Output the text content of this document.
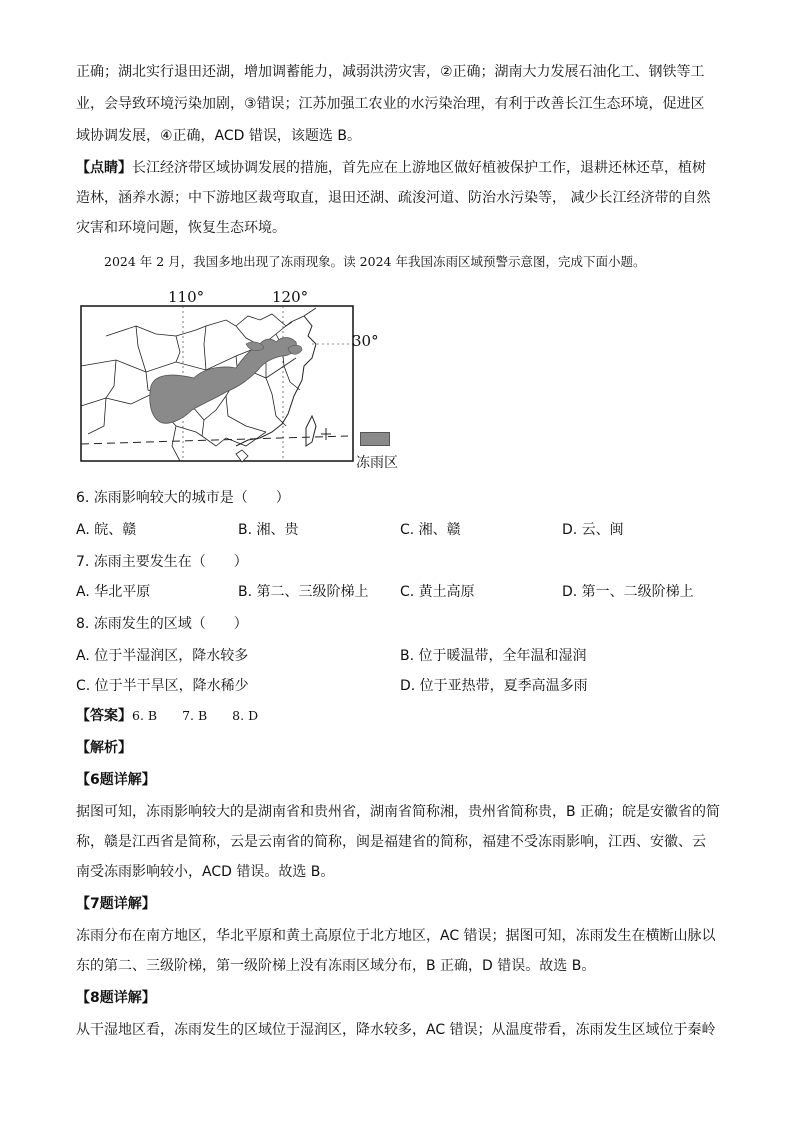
正确；湖北实行退田还湖，增加调蓄能力，减弱洪涝灾害，②正确；湖南大力发展石油化工、钢铁等工
业，会导致环境污染加剧，③错误；江苏加强工农业的水污染治理，有利于改善长江生态环境，促进区
域协调发展，④正确，ACD 错误，该题选 B。
【点睛】长江经济带区域协调发展的措施，首先应在上游地区做好植被保护工作，退耕还林还草，植树
造林，涵养水源；中下游地区裁弯取直，退田还湖、疏浚河道、防治水污染等， 减少长江经济带的自然
灾害和环境问题，恢复生态环境。
2024 年 2 月，我国多地出现了冻雨现象。读 2024 年我国冻雨区域预警示意图，完成下面小题。
110°	120°
30°
冻雨区
6. 冻雨影响较大的城市是（　　）
A. 皖、赣	B. 湘、贵	C. 湘、赣	D. 云、闽
7. 冻雨主要发生在（　　）
A. 华北平原	B. 第二、三级阶梯上 C. 黄土高原	D. 第一、二级阶梯上
8. 冻雨发生的区域（　　）
A. 位于半湿润区，降水较多	B. 位于暖温带，全年温和湿润
C. 位于半干旱区，降水稀少	D. 位于亚热带，夏季高温多雨
【答案】6. B　　7. B　　8. D
【解析】
【6题详解】
据图可知，冻雨影响较大的是湖南省和贵州省，湖南省简称湘，贵州省简称贵，B 正确；皖是安徽省的简
称，赣是江西省是简称，云是云南省的简称，闽是福建省的简称，福建不受冻雨影响，江西、安徽、云
南受冻雨影响较小，ACD 错误。故选 B。
【7题详解】
冻雨分布在南方地区，华北平原和黄土高原位于北方地区，AC 错误；据图可知，冻雨发生在横断山脉以
东的第二、三级阶梯，第一级阶梯上没有冻雨区域分布，B 正确，D 错误。故选 B。
【8题详解】
从干湿地区看，冻雨发生的区域位于湿润区，降水较多，AC 错误；从温度带看，冻雨发生区域位于秦岭
